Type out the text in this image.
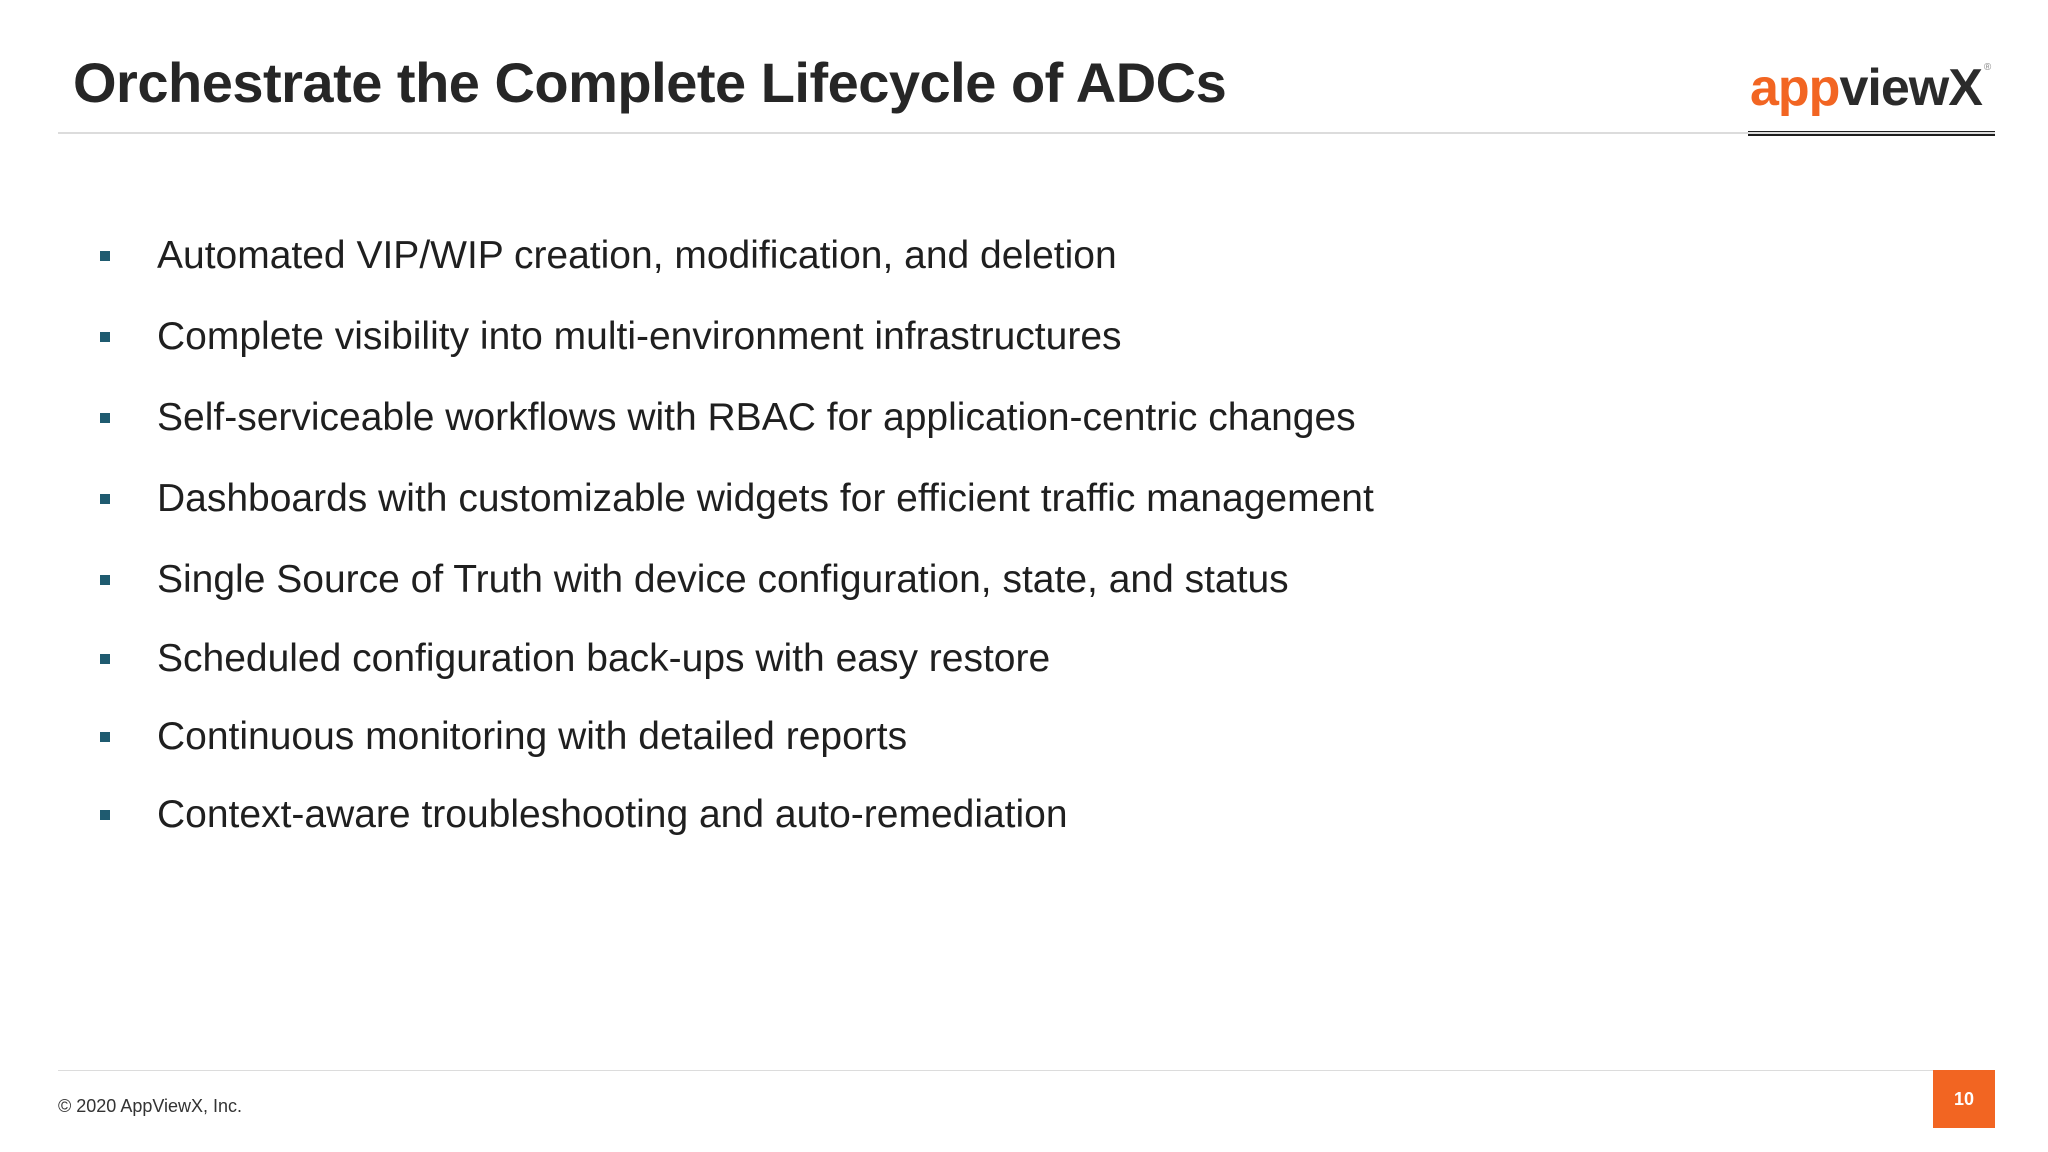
Orchestrate the Complete Lifecycle of ADCs	app viewX ®
Automated VIP/WIP creation, modification, and deletion
Complete visibility into multi-environment infrastructures
Self-serviceable workflows with RBAC for application-centric changes
Dashboards with customizable widgets for efficient traffic management
Single Source of Truth with device configuration, state, and status
Scheduled configuration back-ups with easy restore
Continuous monitoring with detailed reports
Context-aware troubleshooting and auto-remediation
© 2020 AppViewX, Inc.	10
